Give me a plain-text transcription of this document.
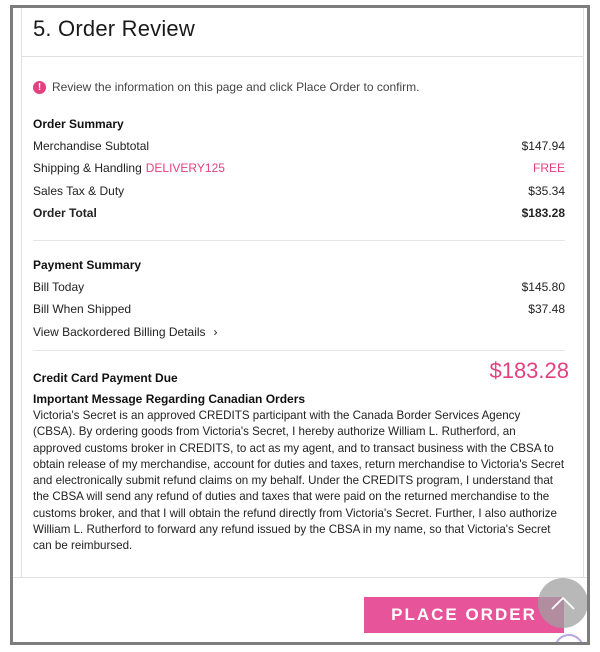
5. Order Review
! Review the information on this page and click Place Order to confirm.
Order Summary
Merchandise Subtotal	$147.94
Shipping & Handling DELIVERY125	FREE
Sales Tax & Duty	$35.34
Order Total	$183.28
Payment Summary
Bill Today	$145.80
Bill When Shipped	$37.48
View Backordered Billing Details ›
Credit Card Payment Due	$183.28
Important Message Regarding Canadian Orders
Victoria's Secret is an approved CREDITS participant with the Canada Border Services Agency (CBSA). By ordering goods from Victoria's Secret, I hereby authorize William L. Rutherford, an approved customs broker in CREDITS, to act as my agent, and to transact business with the CBSA to obtain release of my merchandise, account for duties and taxes, return merchandise to Victoria's Secret and electronically submit refund claims on my behalf. Under the CREDITS program, I understand that the CBSA will send any refund of duties and taxes that were paid on the returned merchandise to the customs broker, and that I will obtain the refund directly from Victoria's Secret. Further, I also authorize William L. Rutherford to forward any refund issued by the CBSA in my name, so that Victoria's Secret can be reimbursed.
PLACE ORDER
